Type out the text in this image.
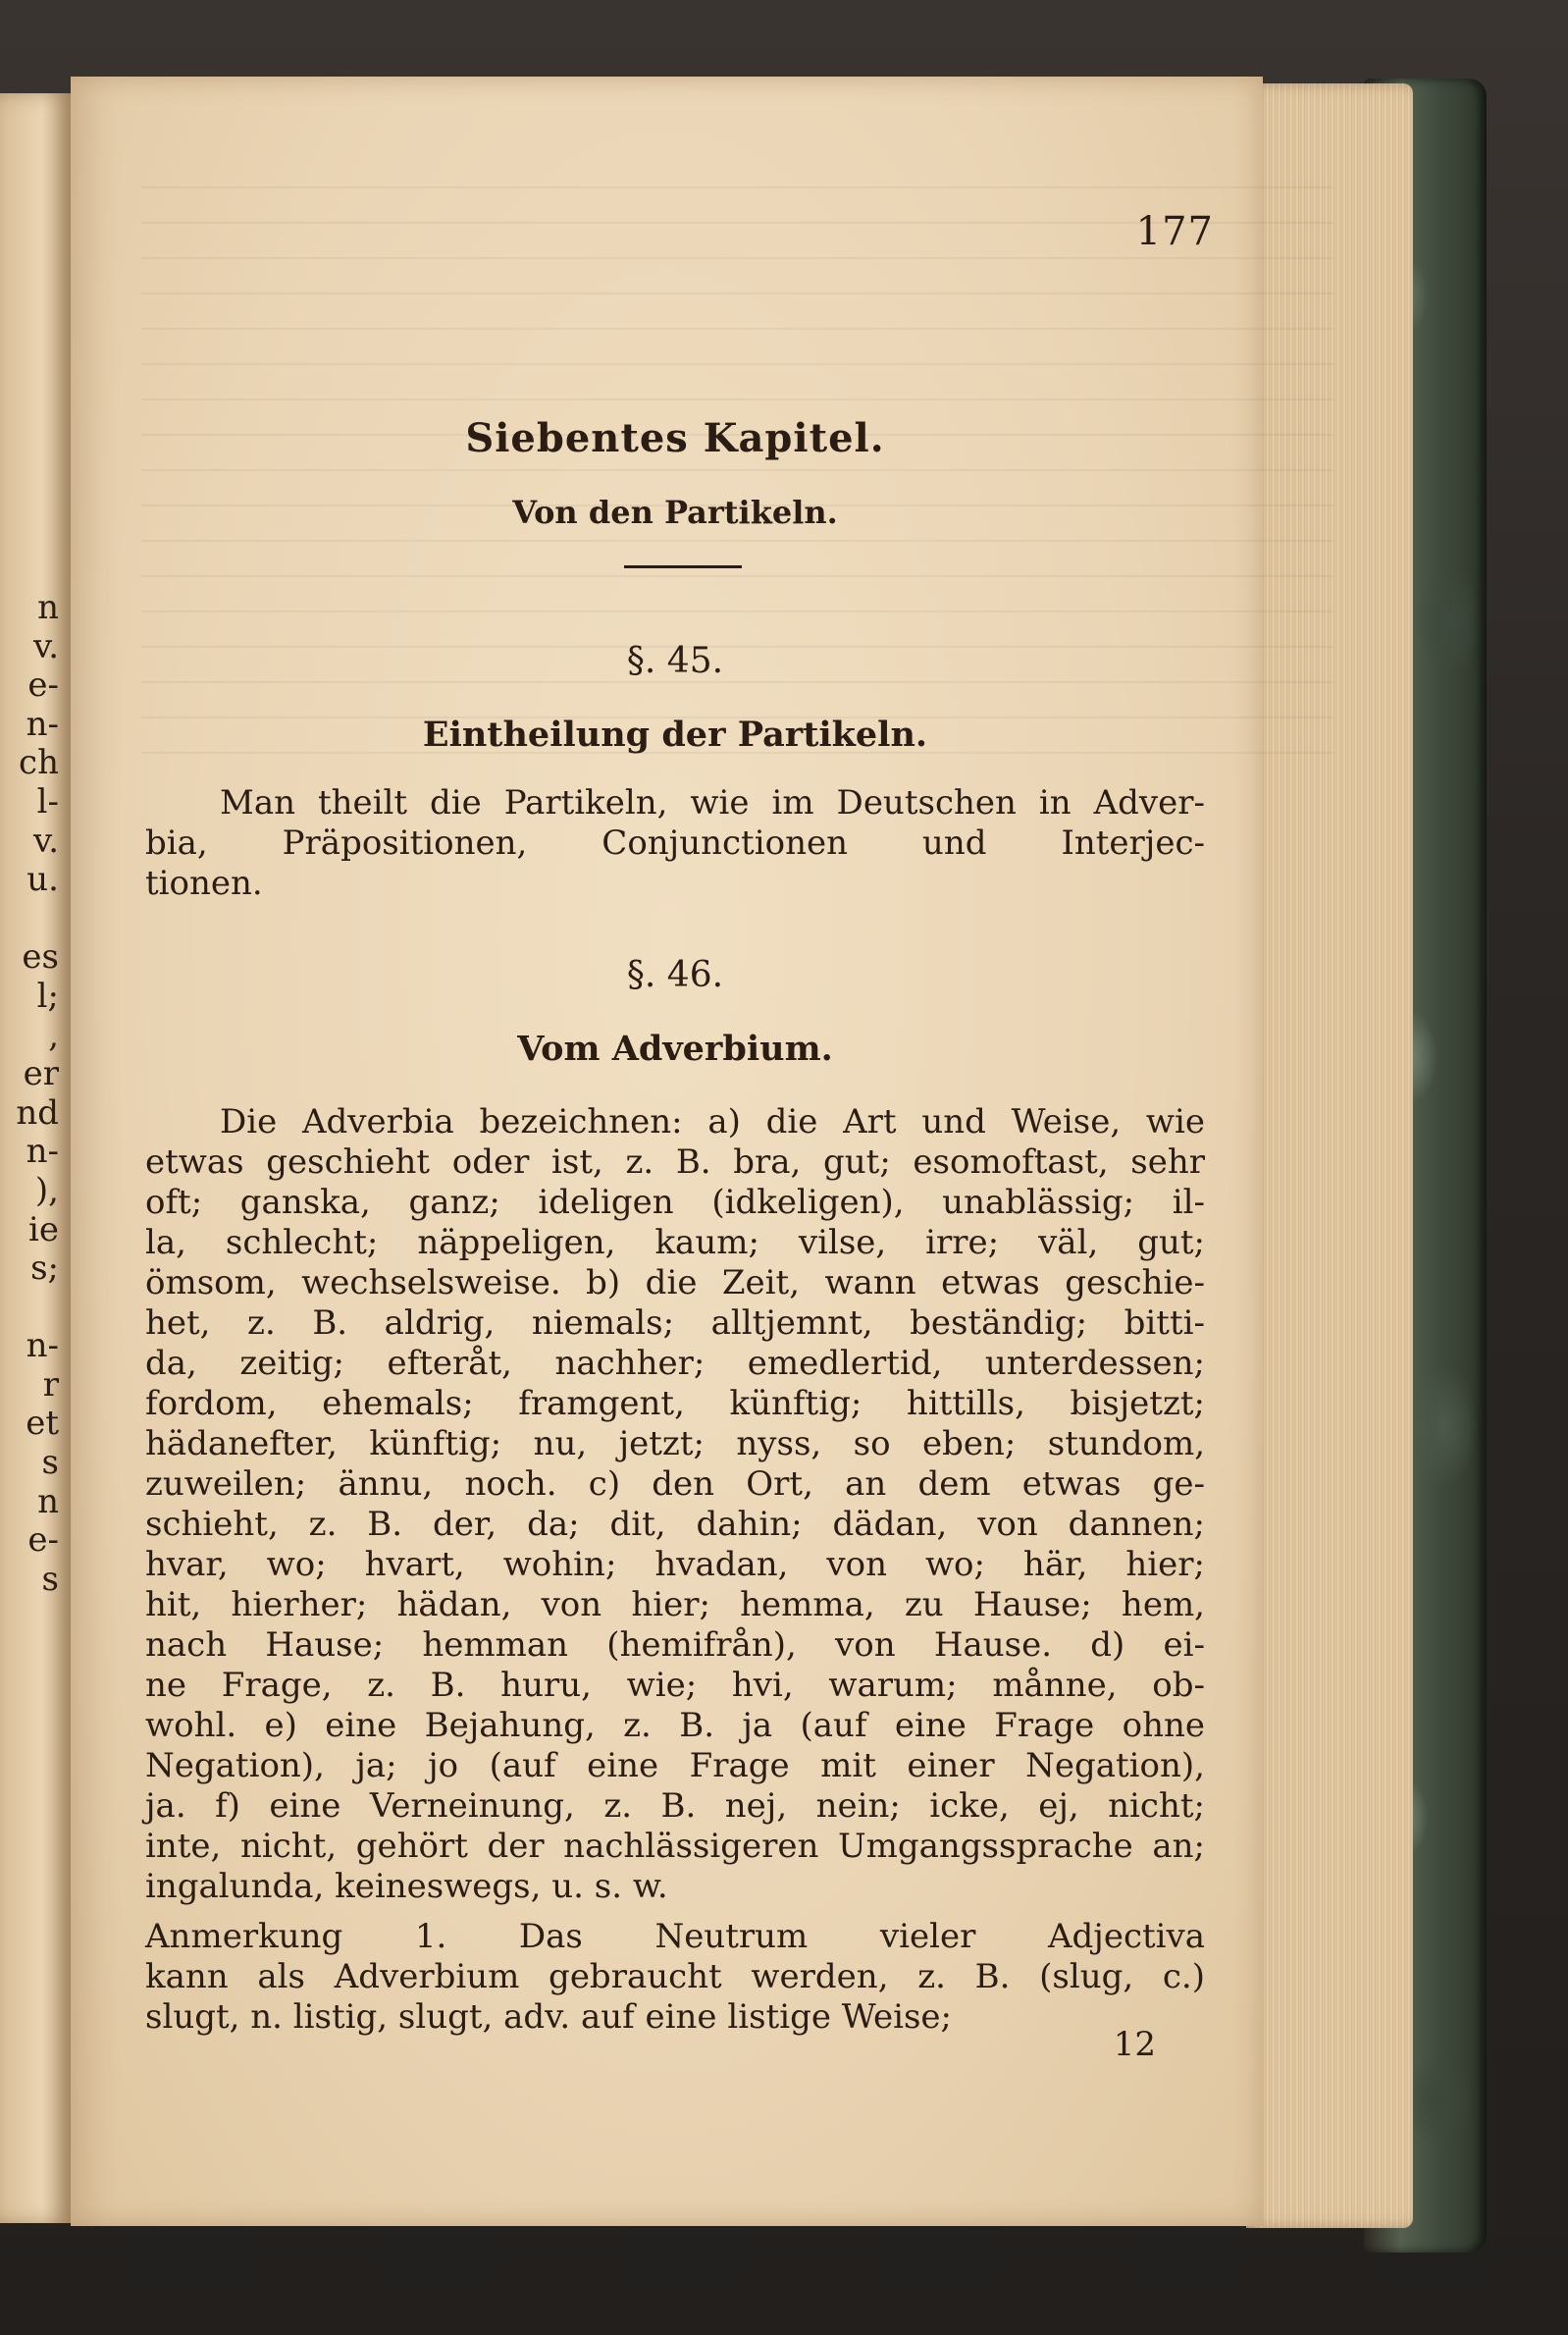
n
v.
e-
n-
ch
l-
v.
u.
es
l;
,
er
nd
n-
),
ie
s;
n-
r
et
s
n
e-
s
177
Siebentes Kapitel.
Von den Partikeln.
§. 45.
Eintheilung der Partikeln.
Man theilt die Partikeln, wie im Deutschen in Adver-
bia, Präpositionen, Conjunctionen und Interjec-
tionen.
§. 46.
Vom Adverbium.
Die Adverbia bezeichnen: a) die Art und Weise, wie
etwas geschieht oder ist, z. B. bra, gut; esomoftast, sehr
oft; ganska, ganz; ideligen (idkeligen), unablässig; il-
la, schlecht; näppeligen, kaum; vilse, irre; väl, gut;
ömsom, wechselsweise. b) die Zeit, wann etwas geschie-
het, z. B. aldrig, niemals; alltjemnt, beständig; bitti-
da, zeitig; efteråt, nachher; emedlertid, unterdessen;
fordom, ehemals; framgent, künftig; hittills, bisjetzt;
hädanefter, künftig; nu, jetzt; nyss, so eben; stundom,
zuweilen; ännu, noch. c) den Ort, an dem etwas ge-
schieht, z. B. der, da; dit, dahin; dädan, von dannen;
hvar, wo; hvart, wohin; hvadan, von wo; här, hier;
hit, hierher; hädan, von hier; hemma, zu Hause; hem,
nach Hause; hemman (hemifrån), von Hause. d) ei-
ne Frage, z. B. huru, wie; hvi, warum; månne, ob-
wohl. e) eine Bejahung, z. B. ja (auf eine Frage ohne
Negation), ja; jo (auf eine Frage mit einer Negation),
ja. f) eine Verneinung, z. B. nej, nein; icke, ej, nicht;
inte, nicht, gehört der nachlässigeren Umgangssprache an;
ingalunda, keineswegs, u. s. w.
Anmerkung 1. Das Neutrum vieler Adjectiva
kann als Adverbium gebraucht werden, z. B. (slug, c.)
slugt, n. listig, slugt, adv. auf eine listige Weise;
12
